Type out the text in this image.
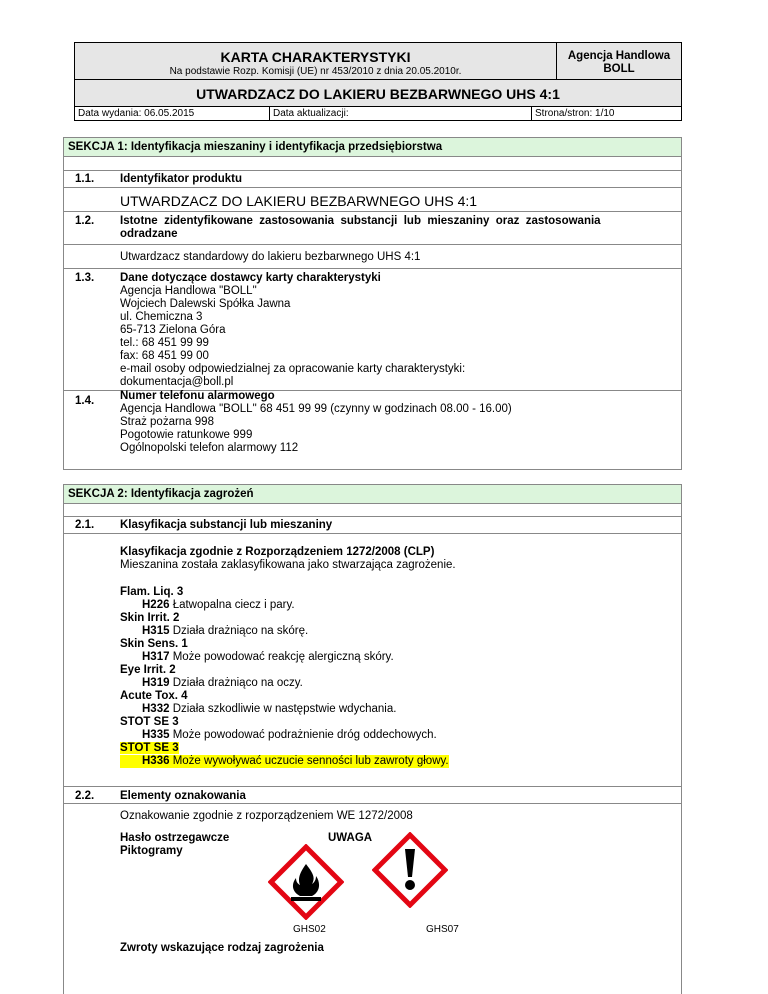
KARTA CHARAKTERYSTYKI
Na podstawie Rozp. Komisji (UE) nr 453/2010 z dnia 20.05.2010r.
Agencja Handlowa
BOLL
UTWARDZACZ DO LAKIERU BEZBARWNEGO UHS 4:1
Data wydania: 06.05.2015	Data aktualizacji:	Strona/stron: 1/10
SEKCJA 1: Identyfikacja mieszaniny i identyfikacja przedsiębiorstwa
1.1. Identyfikator produktu
UTWARDZACZ DO LAKIERU BEZBARWNEGO UHS 4:1
1.2. Istotne  zidentyfikowane  zastosowania  substancji  lub  mieszaniny  oraz  zastosowania
odradzane
Utwardzacz standardowy do lakieru bezbarwnego UHS 4:1
1.3. Dane dotyczące dostawcy karty charakterystyki
Agencja Handlowa "BOLL"
Wojciech Dalewski Spółka Jawna
ul. Chemiczna 3
65-713 Zielona Góra
tel.: 68 451 99 99
fax: 68 451 99 00
e-mail osoby odpowiedzialnej za opracowanie karty charakterystyki:
dokumentacja@boll.pl
1.4. Numer telefonu alarmowego
Agencja Handlowa "BOLL" 68 451 99 99 (czynny w godzinach 08.00 - 16.00)
Straż pożarna 998
Pogotowie ratunkowe 999
Ogólnopolski telefon alarmowy 112
SEKCJA 2: Identyfikacja zagrożeń
2.1. Klasyfikacja substancji lub mieszaniny
Klasyfikacja zgodnie z Rozporządzeniem 1272/2008 (CLP)
Mieszanina została zaklasyfikowana jako stwarzająca zagrożenie.
Flam. Liq. 3
H226 Łatwopalna ciecz i pary.
Skin Irrit. 2
H315 Działa drażniąco na skórę.
Skin Sens. 1
H317 Może powodować reakcję alergiczną skóry.
Eye Irrit. 2
H319 Działa drażniąco na oczy.
Acute Tox. 4
H332 Działa szkodliwie w następstwie wdychania.
STOT SE 3
H335 Może powodować podrażnienie dróg oddechowych.
STOT SE 3
H336 Może wywoływać uczucie senności lub zawroty głowy.
2.2. Elementy oznakowania
Oznakowanie zgodnie z rozporządzeniem WE 1272/2008
Hasło ostrzegawcze	UWAGA
Piktogramy
GHS02	GHS07
Zwroty wskazujące rodzaj zagrożenia
